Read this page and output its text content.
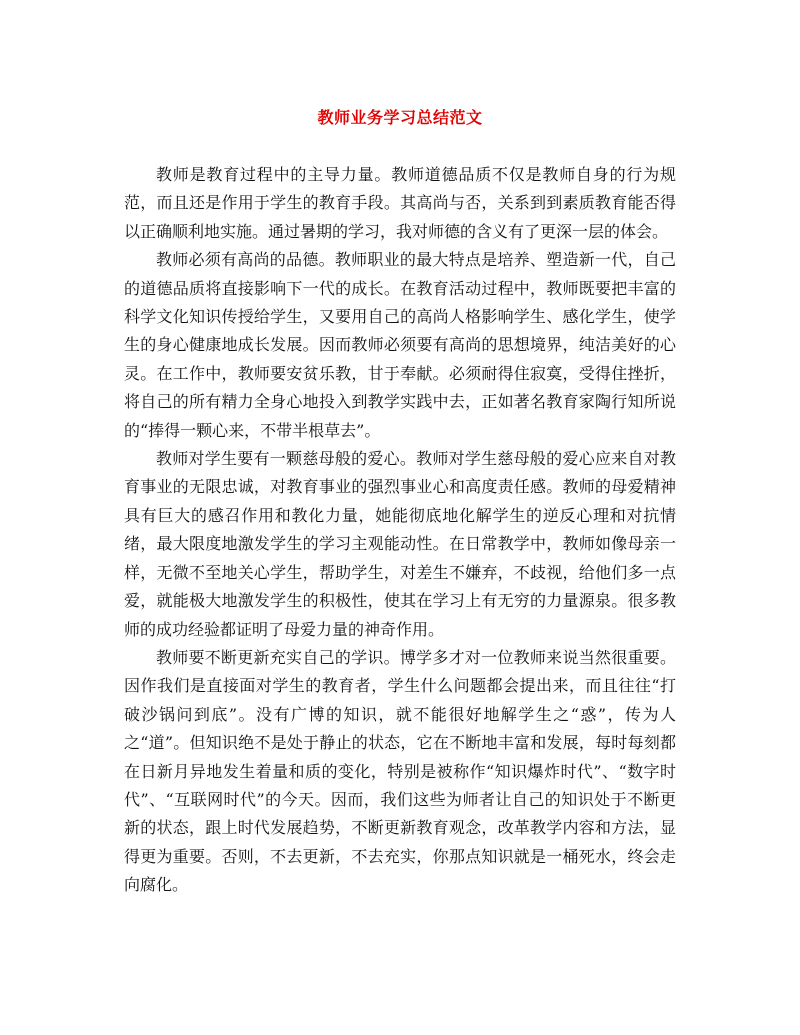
教师业务学习总结范文

教师是教育过程中的主导力量。教师道德品质不仅是教师自身的行为规范，而且还是作用于学生的教育手段。其高尚与否，关系到到素质教育能否得以正确顺利地实施。通过暑期的学习，我对师德的含义有了更深一层的体会。

教师必须有高尚的品德。教师职业的最大特点是培养、塑造新一代，自己的道德品质将直接影响下一代的成长。在教育活动过程中，教师既要把丰富的科学文化知识传授给学生，又要用自己的高尚人格影响学生、感化学生，使学生的身心健康地成长发展。因而教师必须要有高尚的思想境界，纯洁美好的心灵。在工作中，教师要安贫乐教，甘于奉献。必须耐得住寂寞，受得住挫折，将自己的所有精力全身心地投入到教学实践中去，正如著名教育家陶行知所说的“捧得一颗心来，不带半根草去”。

教师对学生要有一颗慈母般的爱心。教师对学生慈母般的爱心应来自对教育事业的无限忠诚，对教育事业的强烈事业心和高度责任感。教师的母爱精神具有巨大的感召作用和教化力量，她能彻底地化解学生的逆反心理和对抗情绪，最大限度地激发学生的学习主观能动性。在日常教学中，教师如像母亲一样，无微不至地关心学生，帮助学生，对差生不嫌弃，不歧视，给他们多一点爱，就能极大地激发学生的积极性，使其在学习上有无穷的力量源泉。很多教师的成功经验都证明了母爱力量的神奇作用。

教师要不断更新充实自己的学识。博学多才对一位教师来说当然很重要。因作我们是直接面对学生的教育者，学生什么问题都会提出来，而且往往“打破沙锅问到底”。没有广博的知识，就不能很好地解学生之“惑”，传为人之“道”。但知识绝不是处于静止的状态，它在不断地丰富和发展，每时每刻都在日新月异地发生着量和质的变化，特别是被称作“知识爆炸时代”、“数字时代”、“互联网时代”的今天。因而，我们这些为师者让自己的知识处于不断更新的状态，跟上时代发展趋势，不断更新教育观念，改革教学内容和方法，显得更为重要。否则，不去更新，不去充实，你那点知识就是一桶死水，终会走向腐化。
